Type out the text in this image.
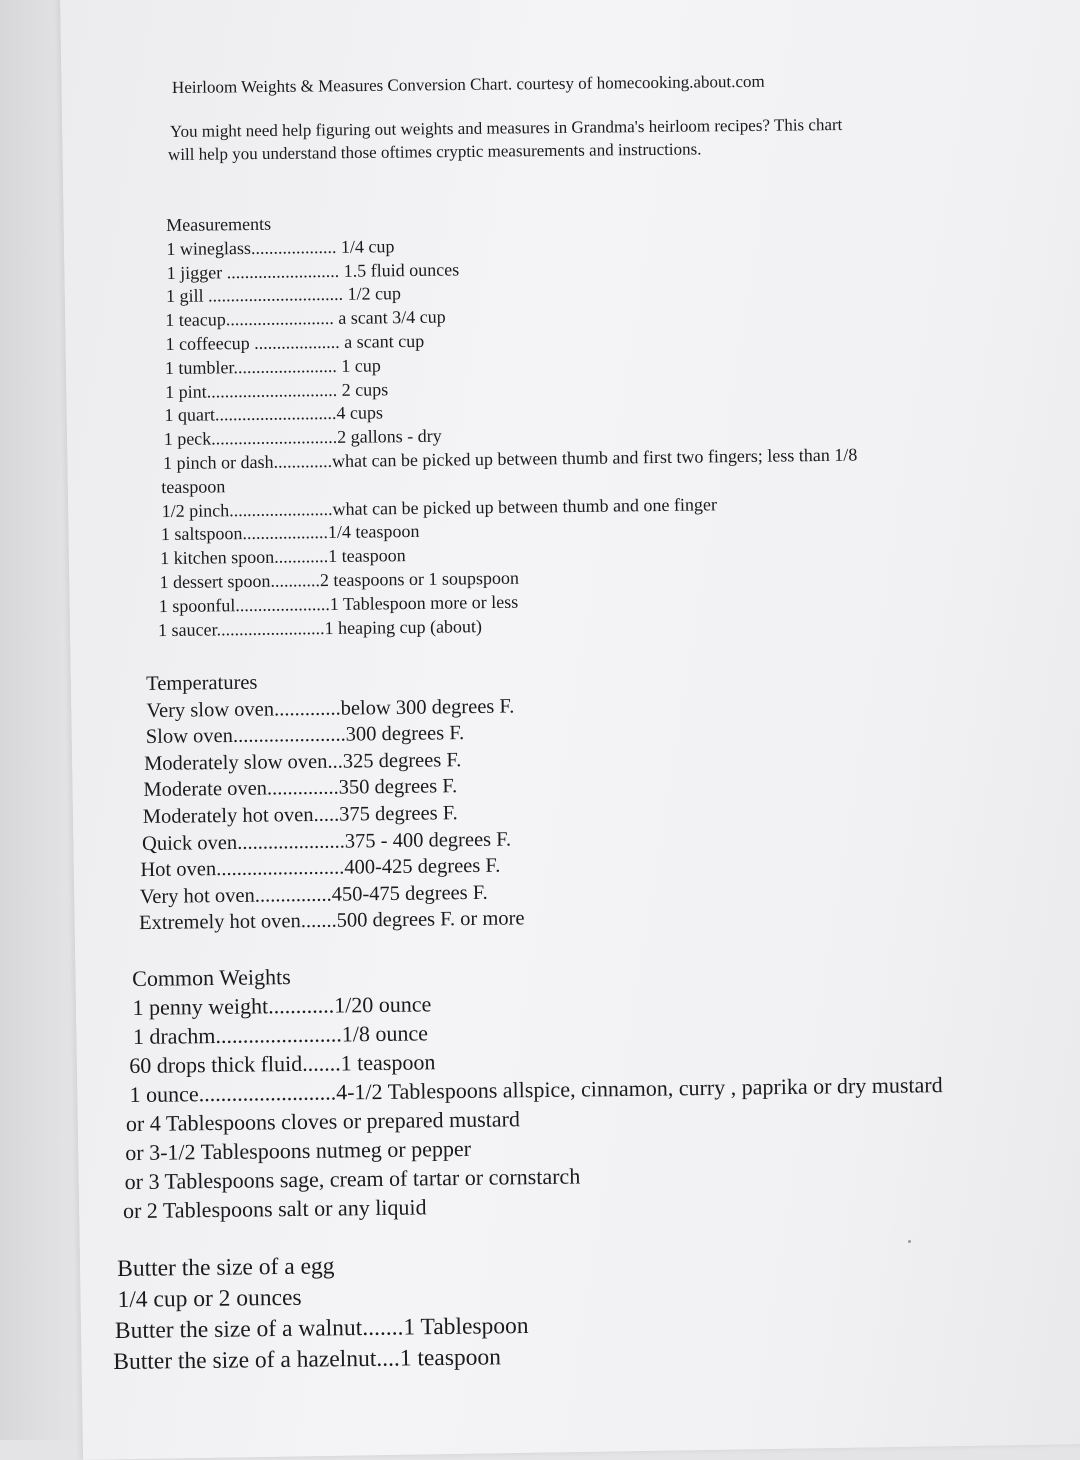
Heirloom Weights & Measures Conversion Chart. courtesy of homecooking.about.com
You might need help figuring out weights and measures in Grandma's heirloom recipes? This chart
will help you understand those oftimes cryptic measurements and instructions.
Measurements
1 wineglass................... 1/4 cup
1 jigger ......................... 1.5 fluid ounces
1 gill .............................. 1/2 cup
1 teacup........................ a scant 3/4 cup
1 coffeecup ................... a scant cup
1 tumbler....................... 1 cup
1 pint............................. 2 cups
1 quart...........................4 cups
1 peck............................2 gallons - dry
1 pinch or dash.............what can be picked up between thumb and first two fingers; less than 1/8
teaspoon
1/2 pinch.......................what can be picked up between thumb and one finger
1 saltspoon...................1/4 teaspoon
1 kitchen spoon............1 teaspoon
1 dessert spoon...........2 teaspoons or 1 soupspoon
1 spoonful.....................1 Tablespoon more or less
1 saucer........................1 heaping cup (about)
Temperatures
Very slow oven.............below 300 degrees F.
Slow oven......................300 degrees F.
Moderately slow oven...325 degrees F.
Moderate oven..............350 degrees F.
Moderately hot oven.....375 degrees F.
Quick oven.....................375 - 400 degrees F.
Hot oven.........................400-425 degrees F.
Very hot oven...............450-475 degrees F.
Extremely hot oven.......500 degrees F. or more
Common Weights
1 penny weight............1/20 ounce
1 drachm.......................1/8 ounce
60 drops thick fluid.......1 teaspoon
1 ounce.........................4-1/2 Tablespoons allspice, cinnamon, curry , paprika or dry mustard
or 4 Tablespoons cloves or prepared mustard
or 3-1/2 Tablespoons nutmeg or pepper
or 3 Tablespoons sage, cream of tartar or cornstarch
or 2 Tablespoons salt or any liquid
Butter the size of a egg
1/4 cup or 2 ounces
Butter the size of a walnut.......1 Tablespoon
Butter the size of a hazelnut....1 teaspoon
